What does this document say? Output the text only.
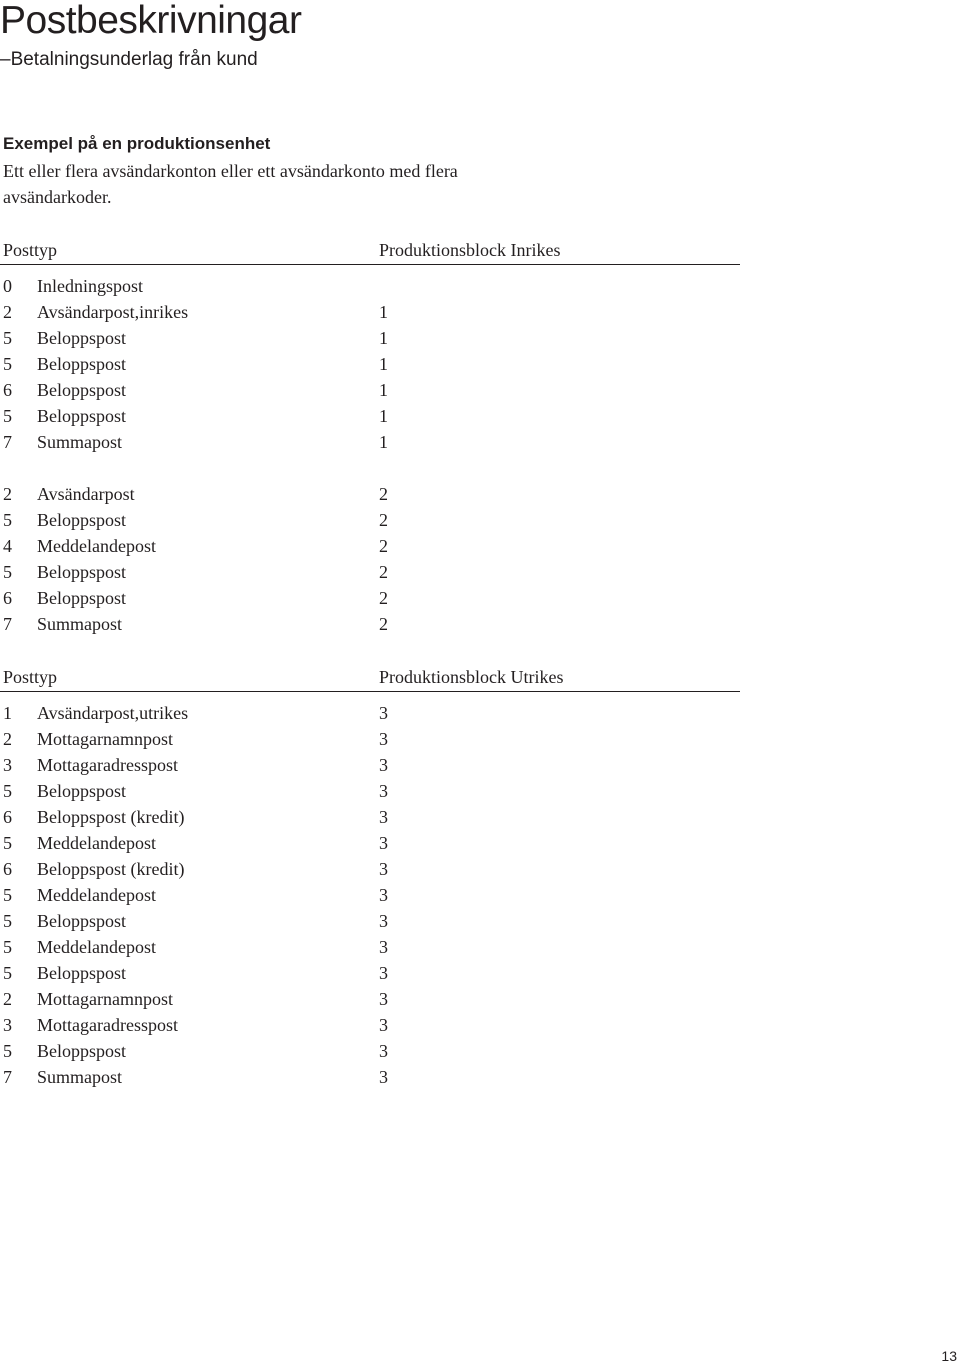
Postbeskrivningar
–Betalningsunderlag från kund
Exempel på en produktionsenhet
Ett eller flera avsändarkonton eller ett avsändarkonto med flera avsändarkoder.
Posttyp	Produktionsblock Inrikes
0 Inledningspost
2 Avsändarpost,inrikes	1
5 Beloppspost	1
5 Beloppspost	1
6 Beloppspost	1
5 Beloppspost	1
7 Summapost	1
2 Avsändarpost	2
5 Beloppspost	2
4 Meddelandepost	2
5 Beloppspost	2
6 Beloppspost	2
7 Summapost	2
Posttyp	Produktionsblock Utrikes
1 Avsändarpost,utrikes	3
2 Mottagarnamnpost	3
3 Mottagaradresspost	3
5 Beloppspost	3
6 Beloppspost (kredit)	3
5 Meddelandepost	3
6 Beloppspost (kredit)	3
5 Meddelandepost	3
5 Beloppspost	3
5 Meddelandepost	3
5 Beloppspost	3
2 Mottagarnamnpost	3
3 Mottagaradresspost	3
5 Beloppspost	3
7 Summapost	3
13
